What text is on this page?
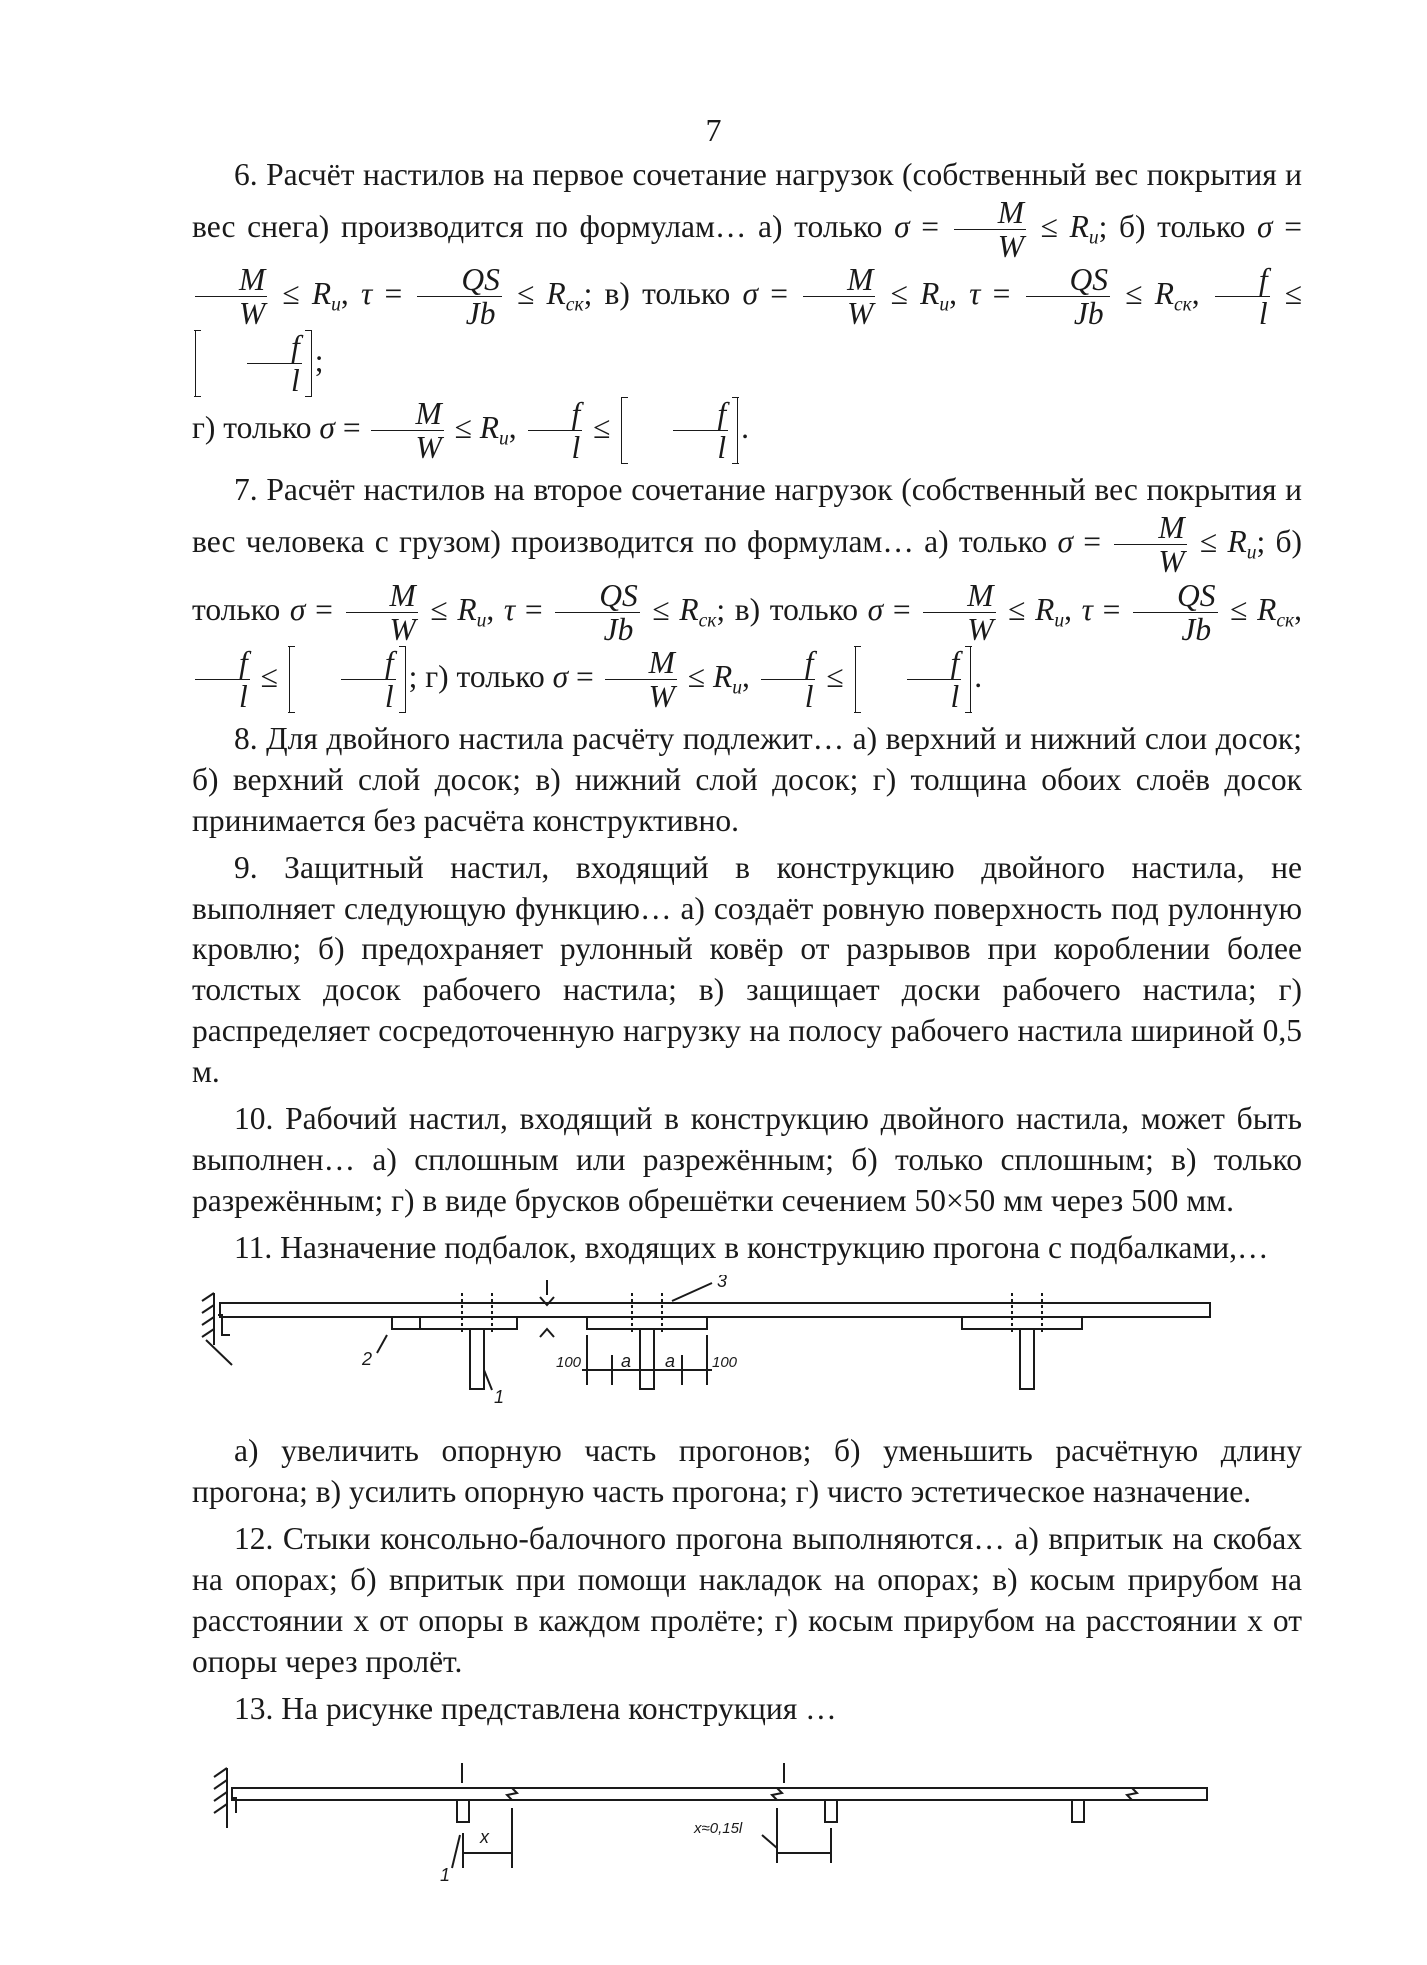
7

6. Расчёт настилов на первое сочетание нагрузок (собственный вес покрытия и вес снега) производится по формулам… а) только $\sigma = \frac{M}{W} \le R_и$; б) только σ =
$\frac{M}{W} \le R_и$, $\tau = \frac{QS}{Jb} \le R_{ск}$; в) только $\sigma = \frac{M}{W} \le R_и$, $\tau = \frac{QS}{Jb} \le R_{ск}$, $\frac{f}{l}$ ≤
$\frac{f}{l}$ ;
г) только $\sigma = \frac{M}{W} \le R_и$, $\frac{f}{l} \le \frac{f}{l}$ .

7. Расчёт настилов на второе сочетание нагрузок (собственный вес покрытия и вес человека с грузом) производится по формулам… а) только $\sigma = \frac{M}{W} \le R_и$; б) только $\sigma = \frac{M}{W} \le R_и$, $\tau = \frac{QS}{Jb} \le R_{ск}$; в) только $\sigma = \frac{M}{W} \le R_и$, $\tau = \frac{QS}{Jb} \le R_{ск}$,
$\frac{f}{l} \le \frac{f}{l}$ ; г) только $\sigma = \frac{M}{W} \le R_и$, $\frac{f}{l} \le \frac{f}{l}$ .

8. Для двойного настила расчёту подлежит… а) верхний и нижний слои досок; б) верхний слой досок; в) нижний слой досок; г) толщина обоих слоёв досок принимается без расчёта конструктивно.

9. Защитный настил, входящий в конструкцию двойного настила, не выполняет следующую функцию… а) создаёт ровную поверхность под рулонную кровлю; б) предохраняет рулонный ковёр от разрывов при короблении более толстых досок рабочего настила; в) защищает доски рабочего настила; г) распределяет сосредоточенную нагрузку на полосу рабочего настила шириной 0,5 м.

10. Рабочий настил, входящий в конструкцию двойного настила, может быть выполнен… а) сплошным или разрежённым; б) только сплошным; в) только разрежённым; г) в виде брусков обрешётки сечением 50×50 мм через 500 мм.

11. Назначение подбалок, входящих в конструкцию прогона с подбалками,…

3
2
1
100 a a 100

а) увеличить опорную часть прогонов; б) уменьшить расчётную длину прогона; в) усилить опорную часть прогона; г) чисто эстетическое назначение.

12. Стыки консольно-балочного прогона выполняются… а) впритык на скобах на опорах; б) впритык при помощи накладок на опорах; в) косым прирубом на расстоянии x от опоры в каждом пролёте; г) косым прирубом на расстоянии x от опоры через пролёт.

13. На рисунке представлена конструкция …

1
x	x≈0,15l
